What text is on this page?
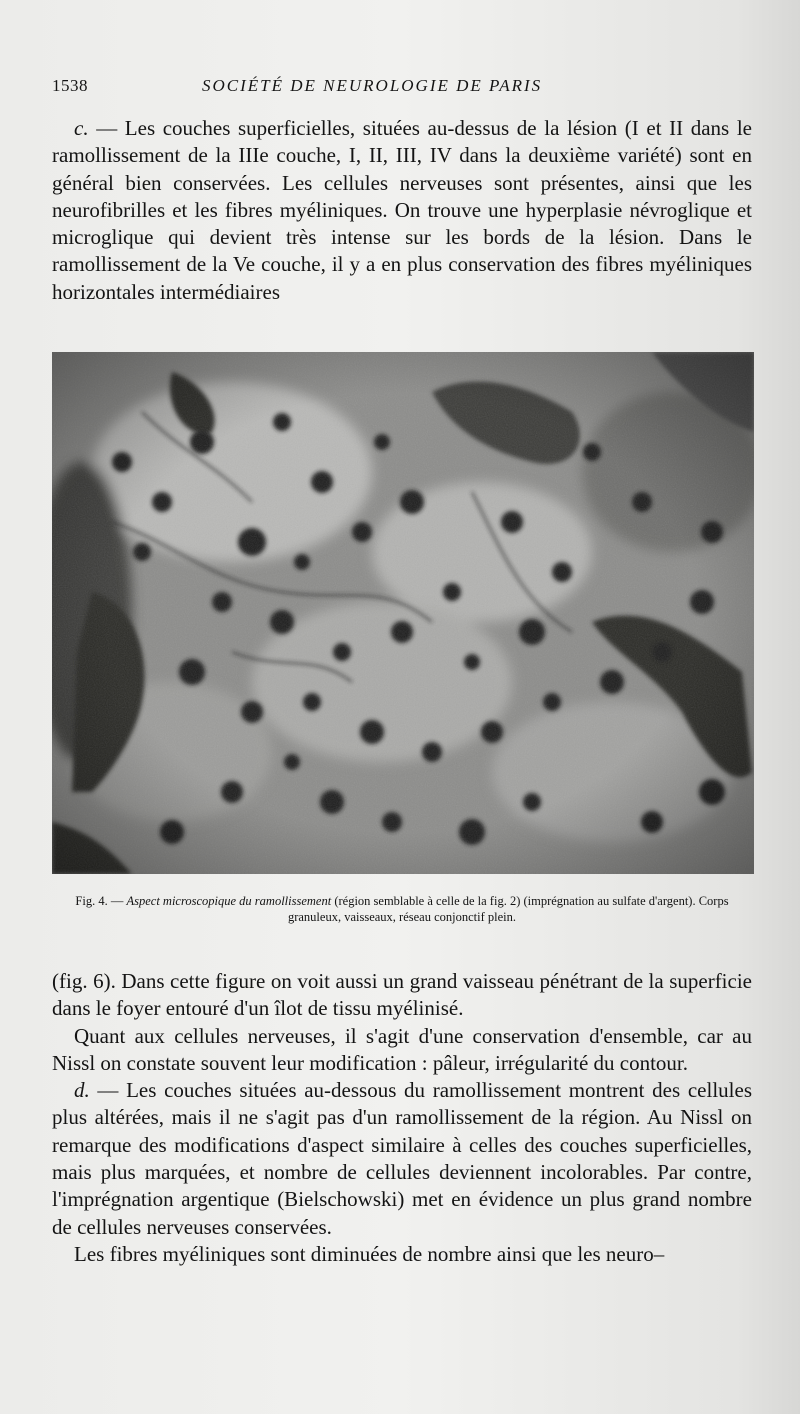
1538	SOCIÉTÉ DE NEUROLOGIE DE PARIS

c. — Les couches superficielles, situées au-dessus de la lésion (I et II dans le ramollissement de la IIIe couche, I, II, III, IV dans la deuxième variété) sont en général bien conservées. Les cellules nerveuses sont présentes, ainsi que les neurofibrilles et les fibres myéliniques. On trouve une hyperplasie névroglique et microglique qui devient très intense sur les bords de la lésion. Dans le ramollissement de la Ve couche, il y a en plus conservation des fibres myéliniques horizontales intermédiaires

Fig. 4. — Aspect microscopique du ramollissement (région semblable à celle de la fig. 2) (imprégnation au sulfate d'argent). Corps granuleux, vaisseaux, réseau conjonctif plein.

(fig. 6). Dans cette figure on voit aussi un grand vaisseau pénétrant de la superficie dans le foyer entouré d'un îlot de tissu myélinisé.

Quant aux cellules nerveuses, il s'agit d'une conservation d'ensemble, car au Nissl on constate souvent leur modification : pâleur, irrégularité du contour.

d. — Les couches situées au-dessous du ramollissement montrent des cellules plus altérées, mais il ne s'agit pas d'un ramollissement de la région. Au Nissl on remarque des modifications d'aspect similaire à celles des couches superficielles, mais plus marquées, et nombre de cellules deviennent incolorables. Par contre, l'imprégnation argentique (Bielschowski) met en évidence un plus grand nombre de cellules nerveuses conservées.

Les fibres myéliniques sont diminuées de nombre ainsi que les neuro–
